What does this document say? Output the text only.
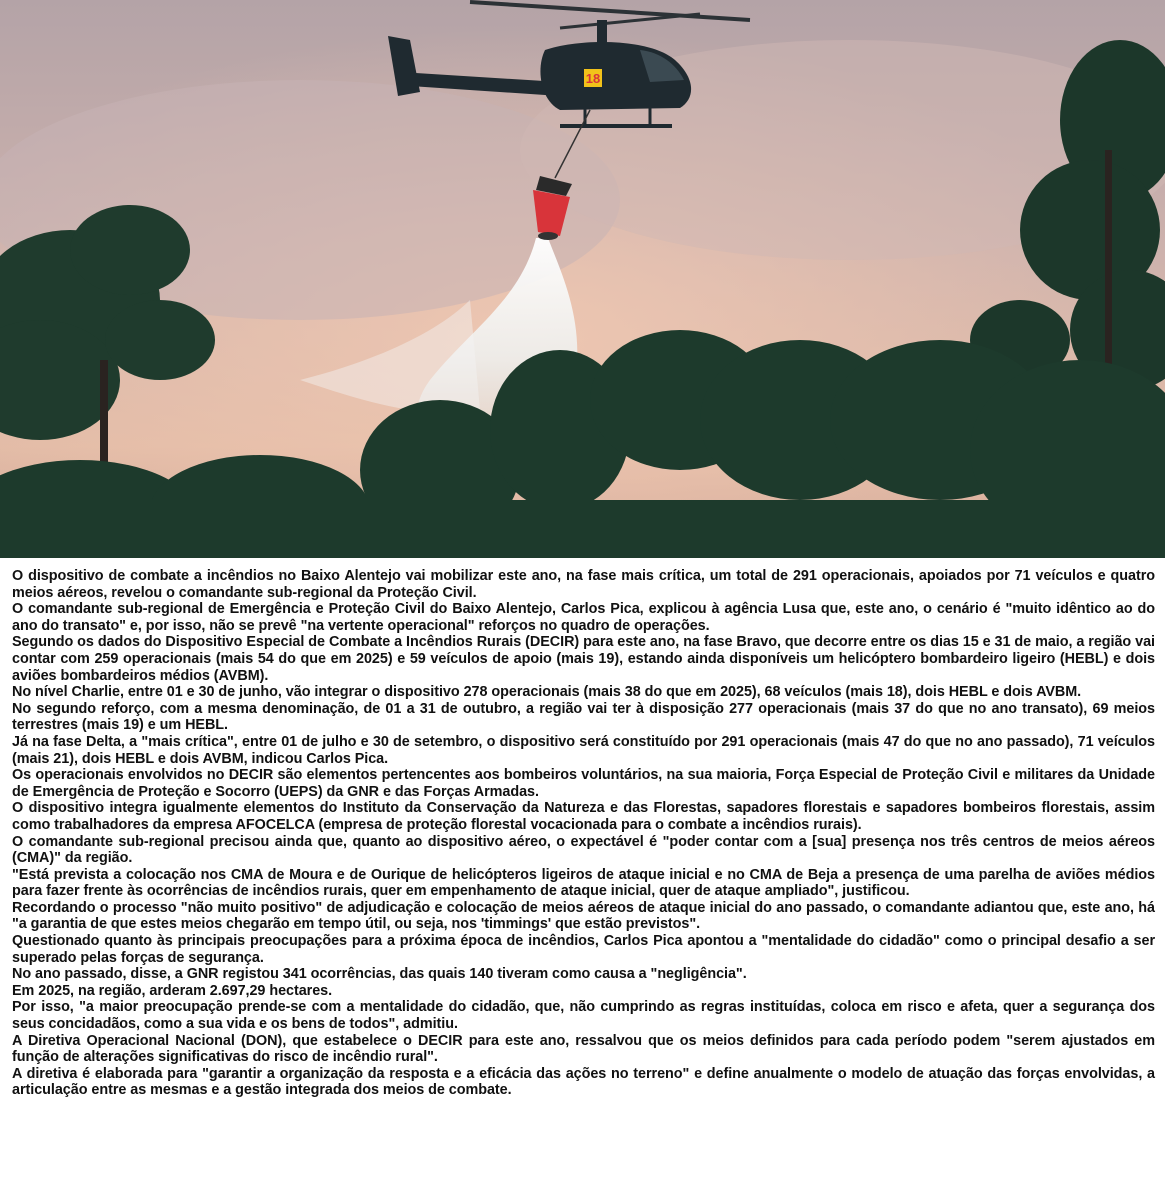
18

O dispositivo de combate a incêndios no Baixo Alentejo vai mobilizar este ano, na fase mais crítica, um total de 291 operacionais, apoiados por 71 veículos e quatro meios aéreos, revelou o comandante sub-regional da Proteção Civil.

O comandante sub-regional de Emergência e Proteção Civil do Baixo Alentejo, Carlos Pica, explicou à agência Lusa que, este ano, o cenário é "muito idêntico ao do ano do transato" e, por isso, não se prevê "na vertente operacional" reforços no quadro de operações.

Segundo os dados do Dispositivo Especial de Combate a Incêndios Rurais (DECIR) para este ano, na fase Bravo, que decorre entre os dias 15 e 31 de maio, a região vai contar com 259 operacionais (mais 54 do que em 2025) e 59 veículos de apoio (mais 19), estando ainda disponíveis um helicóptero bombardeiro ligeiro (HEBL) e dois aviões bombardeiros médios (AVBM).

No nível Charlie, entre 01 e 30 de junho, vão integrar o dispositivo 278 operacionais (mais 38 do que em 2025), 68 veículos (mais 18), dois HEBL e dois AVBM.

No segundo reforço, com a mesma denominação, de 01 a 31 de outubro, a região vai ter à disposição 277 operacionais (mais 37 do que no ano transato), 69 meios terrestres (mais 19) e um HEBL.

Já na fase Delta, a "mais crítica", entre 01 de julho e 30 de setembro, o dispositivo será constituído por 291 operacionais (mais 47 do que no ano passado), 71 veículos (mais 21), dois HEBL e dois AVBM, indicou Carlos Pica.

Os operacionais envolvidos no DECIR são elementos pertencentes aos bombeiros voluntários, na sua maioria, Força Especial de Proteção Civil e militares da Unidade de Emergência de Proteção e Socorro (UEPS) da GNR e das Forças Armadas.

O dispositivo integra igualmente elementos do Instituto da Conservação da Natureza e das Florestas, sapadores florestais e sapadores bombeiros florestais, assim como trabalhadores da empresa AFOCELCA (empresa de proteção florestal vocacionada para o combate a incêndios rurais).

O comandante sub-regional precisou ainda que, quanto ao dispositivo aéreo, o expectável é "poder contar com a [sua] presença nos três centros de meios aéreos (CMA)" da região.

"Está prevista a colocação nos CMA de Moura e de Ourique de helicópteros ligeiros de ataque inicial e no CMA de Beja a presença de uma parelha de aviões médios para fazer frente às ocorrências de incêndios rurais, quer em empenhamento de ataque inicial, quer de ataque ampliado", justificou.

Recordando o processo "não muito positivo" de adjudicação e colocação de meios aéreos de ataque inicial do ano passado, o comandante adiantou que, este ano, há "a garantia de que estes meios chegarão em tempo útil, ou seja, nos 'timmings' que estão previstos".

Questionado quanto às principais preocupações para a próxima época de incêndios, Carlos Pica apontou a "mentalidade do cidadão" como o principal desafio a ser superado pelas forças de segurança.

No ano passado, disse, a GNR registou 341 ocorrências, das quais 140 tiveram como causa a "negligência".

Em 2025, na região, arderam 2.697,29 hectares.

Por isso, "a maior preocupação prende-se com a mentalidade do cidadão, que, não cumprindo as regras instituídas, coloca em risco e afeta, quer a segurança dos seus concidadãos, como a sua vida e os bens de todos", admitiu.

A Diretiva Operacional Nacional (DON), que estabelece o DECIR para este ano, ressalvou que os meios definidos para cada período podem "serem ajustados em função de alterações significativas do risco de incêndio rural".

A diretiva é elaborada para "garantir a organização da resposta e a eficácia das ações no terreno" e define anualmente o modelo de atuação das forças envolvidas, a articulação entre as mesmas e a gestão integrada dos meios de combate.
